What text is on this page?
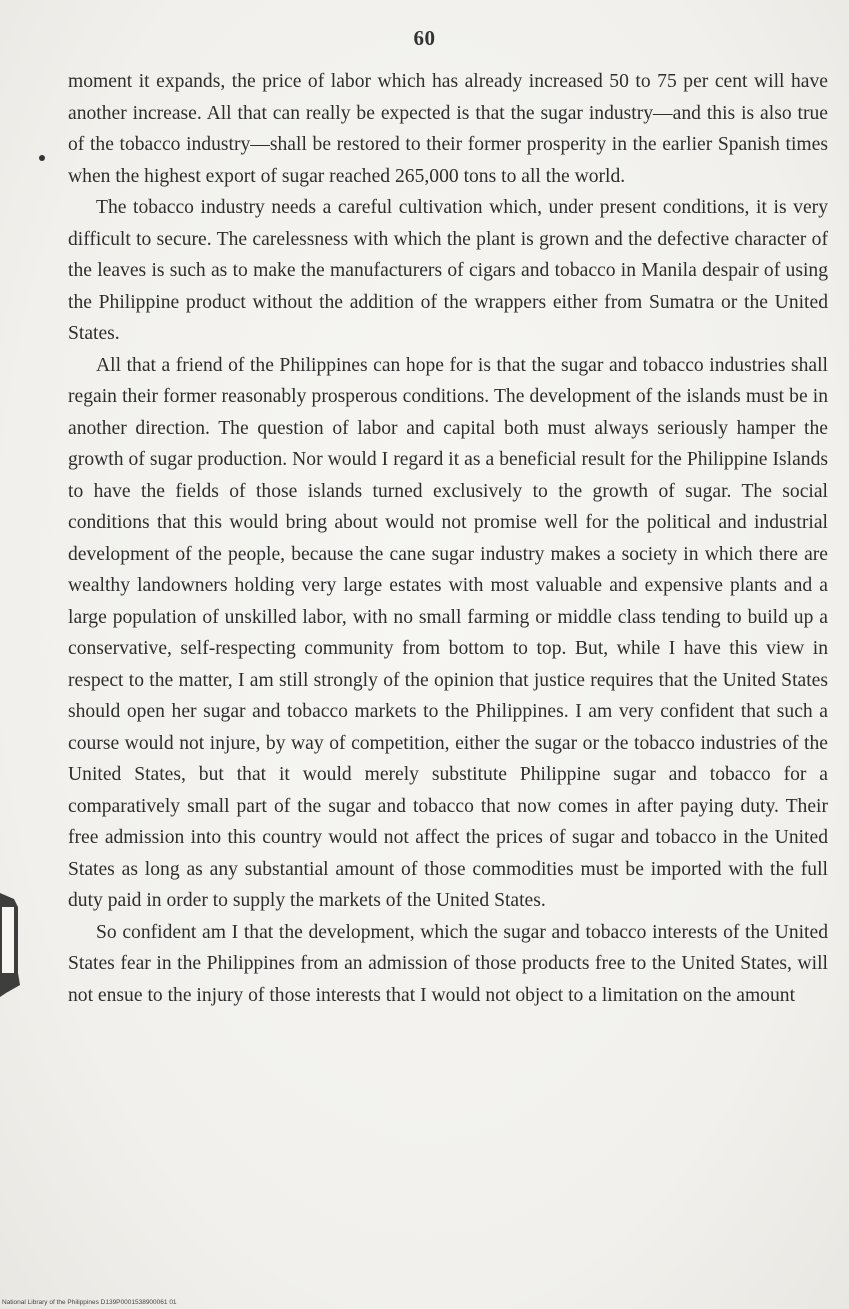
60

moment it expands, the price of labor which has already increased 50 to 75 per cent will have another increase. All that can really be expected is that the sugar industry—and this is also true of the tobacco industry—shall be restored to their former prosperity in the earlier Spanish times when the highest export of sugar reached 265,000 tons to all the world.

The tobacco industry needs a careful cultivation which, under present conditions, it is very difficult to secure. The carelessness with which the plant is grown and the defective character of the leaves is such as to make the manufacturers of cigars and tobacco in Manila despair of using the Philippine product without the addition of the wrappers either from Sumatra or the United States.

All that a friend of the Philippines can hope for is that the sugar and tobacco industries shall regain their former reasonably prosperous conditions. The development of the islands must be in another direction. The question of labor and capital both must always seriously hamper the growth of sugar production. Nor would I regard it as a beneficial result for the Philippine Islands to have the fields of those islands turned exclusively to the growth of sugar. The social conditions that this would bring about would not promise well for the political and industrial development of the people, because the cane sugar industry makes a society in which there are wealthy landowners holding very large estates with most valuable and expensive plants and a large population of unskilled labor, with no small farming or middle class tending to build up a conservative, self-respecting community from bottom to top. But, while I have this view in respect to the matter, I am still strongly of the opinion that justice requires that the United States should open her sugar and tobacco markets to the Philippines. I am very confident that such a course would not injure, by way of competition, either the sugar or the tobacco industries of the United States, but that it would merely substitute Philippine sugar and tobacco for a comparatively small part of the sugar and tobacco that now comes in after paying duty. Their free admission into this country would not affect the prices of sugar and tobacco in the United States as long as any substantial amount of those commodities must be imported with the full duty paid in order to supply the markets of the United States.

So confident am I that the development, which the sugar and tobacco interests of the United States fear in the Philippines from an admission of those products free to the United States, will not ensue to the injury of those interests that I would not object to a limitation on the amount

National Library of the Philippines D139P0001538900061 01
